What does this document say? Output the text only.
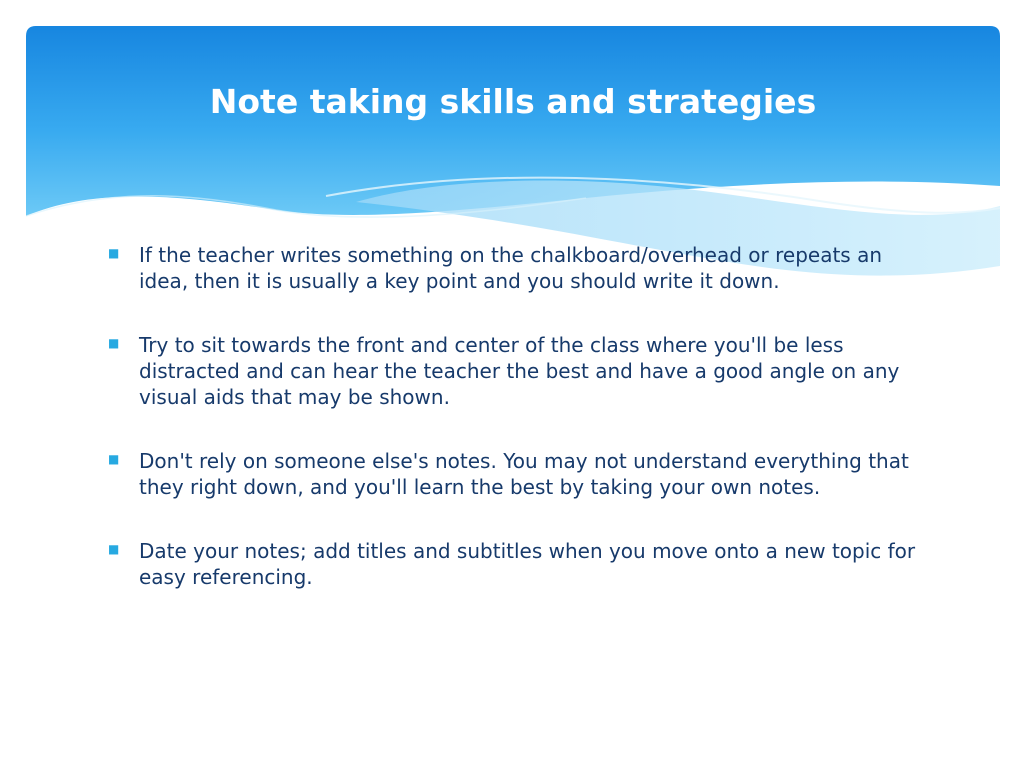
Note taking skills and strategies
■ If the teacher writes something on the chalkboard/overhead or repeats an idea, then it is usually a key point and you should write it down.
■ Try to sit towards the front and center of the class where you'll be less distracted and can hear the teacher the best and have a good angle on any visual aids that may be shown.
■ Don't rely on someone else's notes. You may not understand everything that they right down, and you'll learn the best by taking your own notes.
■ Date your notes; add titles and subtitles when you move onto a new topic for easy referencing.
